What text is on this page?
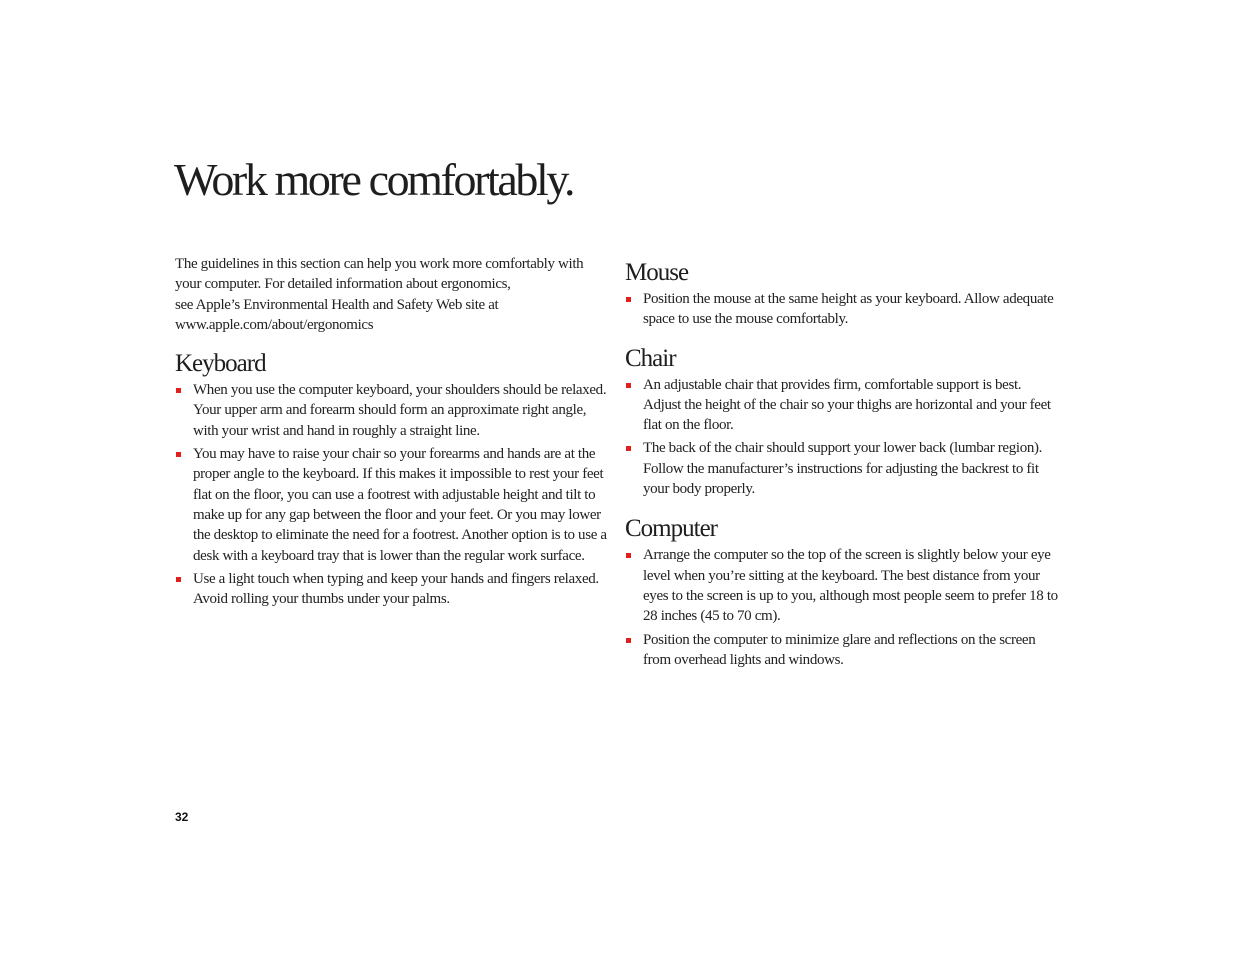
Work more comfortably.

The guidelines in this section can help you work more comfortably with
your computer. For detailed information about ergonomics,
see Apple’s Environmental Health and Safety Web site at
www.apple.com/about/ergonomics

Keyboard
When you use the computer keyboard, your shoulders should be relaxed. Your upper arm and forearm should form an approximate right angle, with your wrist and hand in roughly a straight line.
You may have to raise your chair so your forearms and hands are at the proper angle to the keyboard. If this makes it impossible to rest your feet flat on the floor, you can use a footrest with adjustable height and tilt to make up for any gap between the floor and your feet. Or you may lower the desktop to eliminate the need for a footrest. Another option is to use a desk with a keyboard tray that is lower than the regular work surface.
Use a light touch when typing and keep your hands and fingers relaxed. Avoid rolling your thumbs under your palms.
Mouse
Position the mouse at the same height as your keyboard. Allow adequate space to use the mouse comfortably.
Chair
An adjustable chair that provides firm, comfortable support is best. Adjust the height of the chair so your thighs are horizontal and your feet flat on the floor.
The back of the chair should support your lower back (lumbar region). Follow the manufacturer’s instructions for adjusting the backrest to fit your body properly.
Computer
Arrange the computer so the top of the screen is slightly below your eye level when you’re sitting at the keyboard. The best distance from your eyes to the screen is up to you, although most people seem to prefer 18 to 28 inches (45 to 70 cm).
Position the computer to minimize glare and reflections on the screen from overhead lights and windows.
32
